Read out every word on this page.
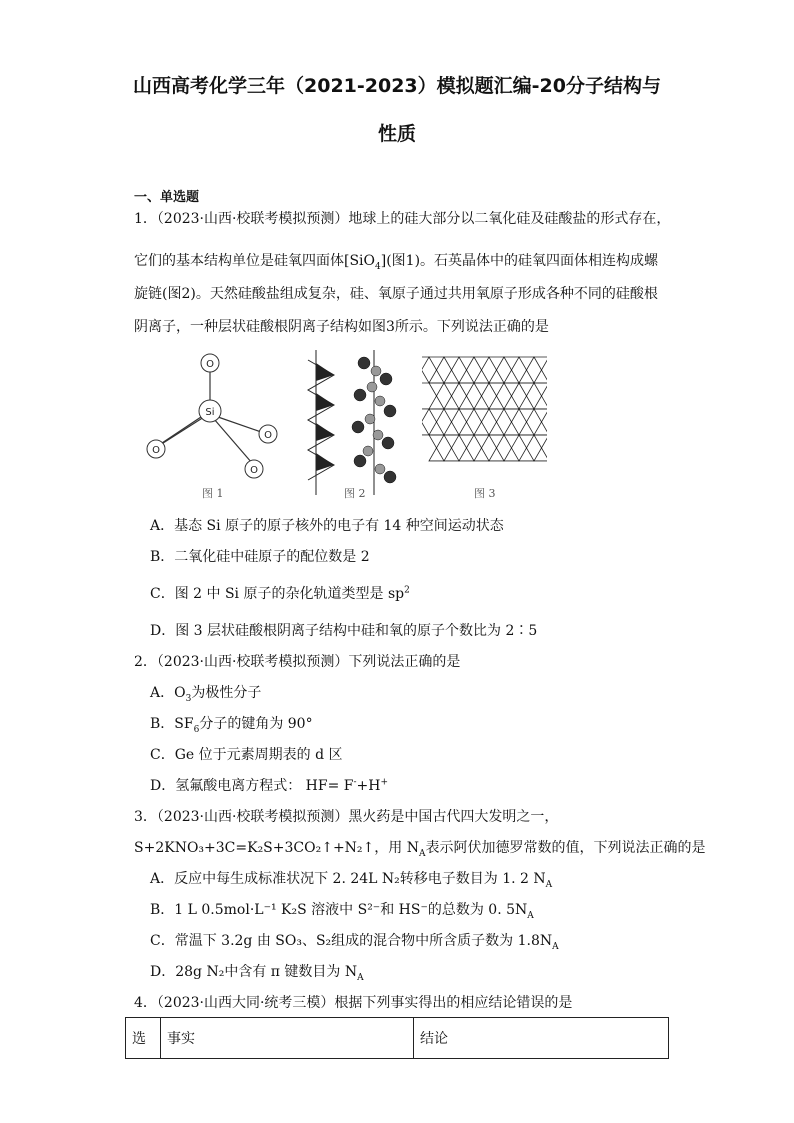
山西高考化学三年（2021-2023）模拟题汇编-20分子结构与
性质
一、单选题
1．（2023·山西·校联考模拟预测）地球上的硅大部分以二氧化硅及硅酸盐的形式存在，
它们的基本结构单位是硅氧四面体[SiO$_4$](图1)。石英晶体中的硅氧四面体相连构成螺
旋链(图2)。天然硅酸盐组成复杂，硅、氧原子通过共用氧原子形成各种不同的硅酸根
阴离子，一种层状硅酸根阴离子结构如图3所示。下列说法正确的是
O
Si
O
O
O
图 1	图 2	图 3
A．基态 Si 原子的原子核外的电子有 14 种空间运动状态
B．二氧化硅中硅原子的配位数是 2
C．图 2 中 Si 原子的杂化轨道类型是 $sp^2$
D．图 3 层状硅酸根阴离子结构中硅和氧的原子个数比为 2∶5
2．（2023·山西·校联考模拟预测）下列说法正确的是
A．$O_3$为极性分子
B．$SF_6$分子的键角为 90°
C．Ge 位于元素周期表的 d 区
D．氢氟酸电离方程式： HF= F-+H+
3．（2023·山西·校联考模拟预测）黑火药是中国古代四大发明之一，
S+2KNO₃+3C=K₂S+3CO₂↑+N₂↑，用 $N_A$表示阿伏加德罗常数的值，下列说法正确的是
A．反应中每生成标准状况下 2. 24L N₂转移电子数目为 1. 2 $N_A$
B．1 L 0.5mol·L⁻¹ K₂S 溶液中 S²⁻和 HS⁻的总数为 0. $5N_A$
C．常温下 3.2g 由 SO₃、S₂组成的混合物中所含质子数为 $1.8N_A$
D．28g N₂中含有 π 键数目为 $N_A$
4．（2023·山西大同·统考三模）根据下列事实得出的相应结论错误的是
选	事实	结论
